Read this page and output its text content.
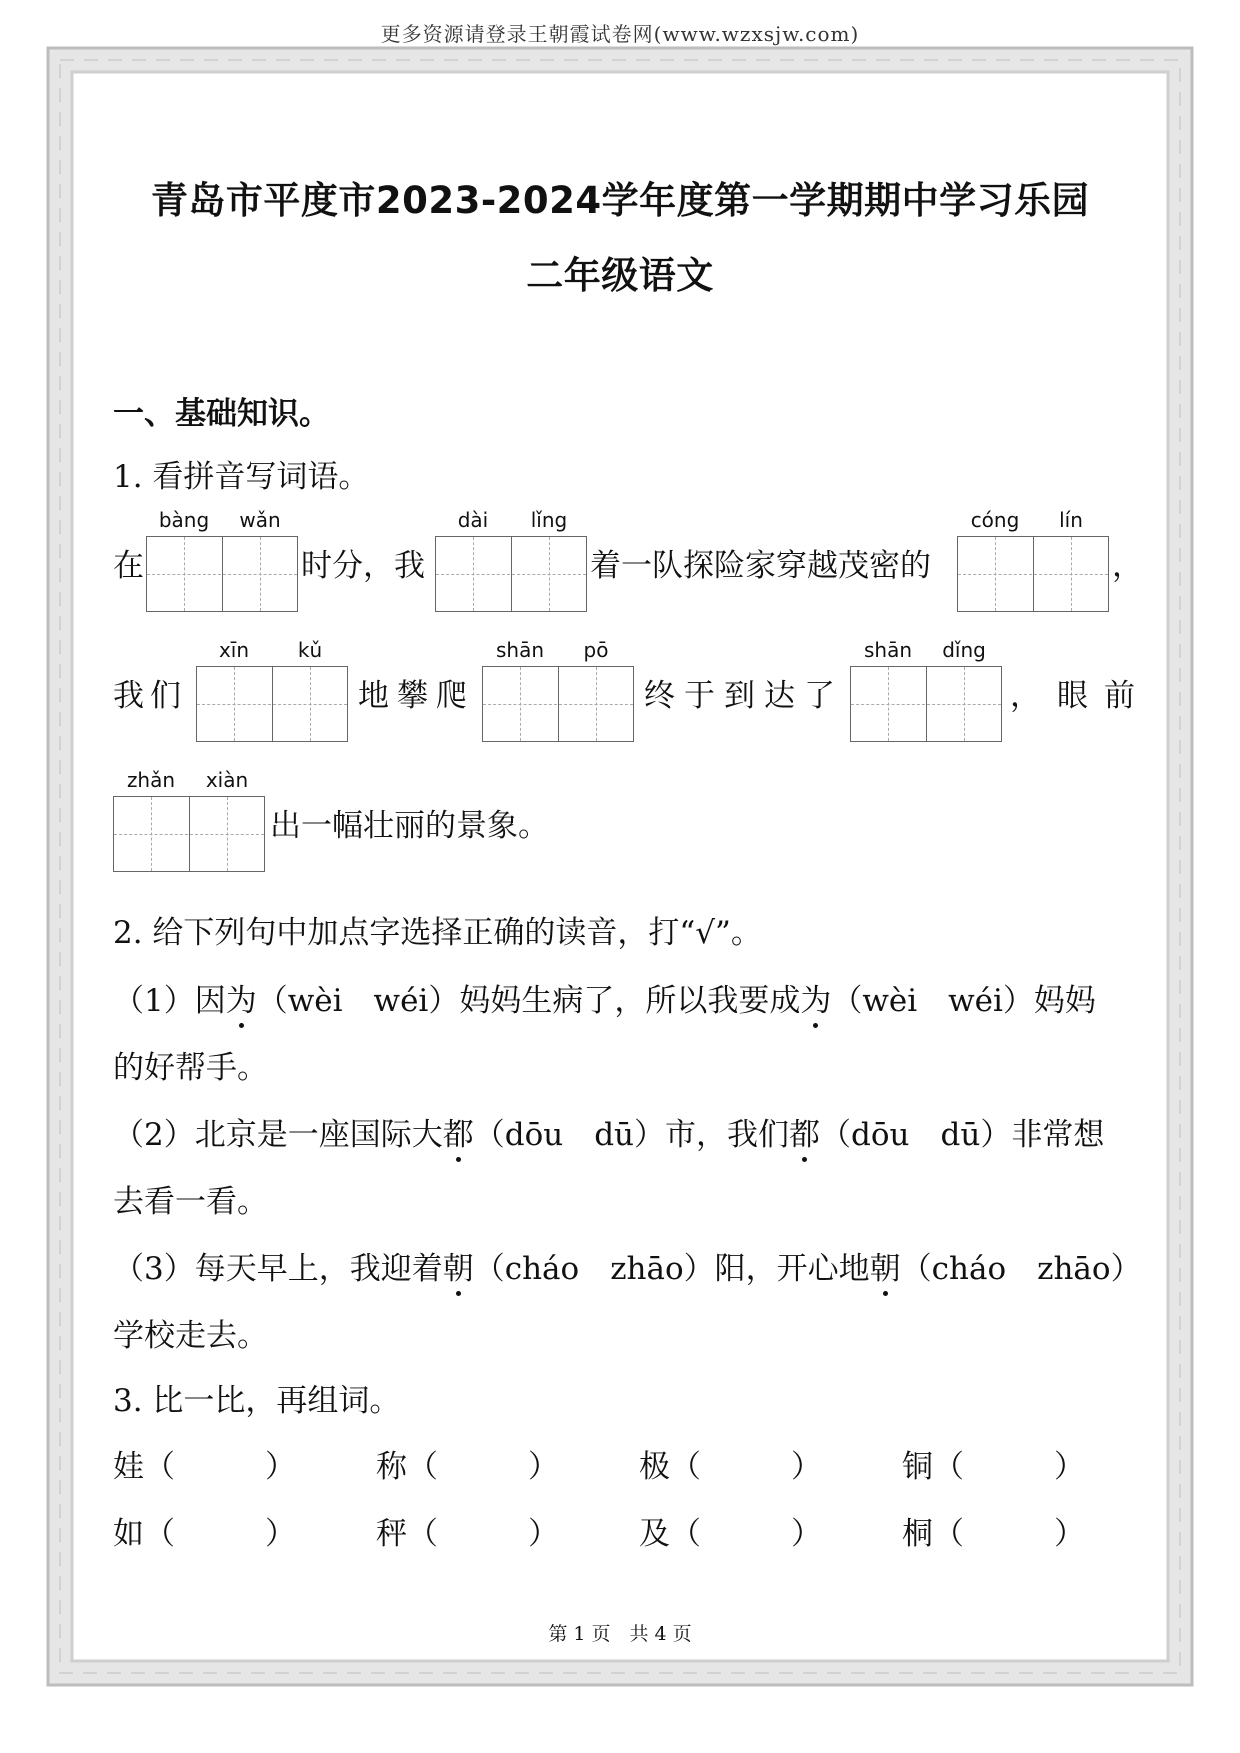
更多资源请登录王朝霞试卷网(www.wzxsjw.com)
青岛市平度市2023-2024学年度第一学期期中学习乐园
二年级语文
一、基础知识。
1. 看拼音写词语。
在
bàng	wǎn
时分，我
dài	lǐng
着一队探险家穿越茂密的
cóng	lín
，
我们
xīn	kǔ
地攀爬
shān	pō
终于到达了
shān	dǐng
，眼前
zhǎn	xiàn
出一幅壮丽的景象。
2. 给下列句中加点字选择正确的读音，打“√”。
（1）因为（wèi　wéi）妈妈生病了，所以我要成为（wèi　wéi）妈妈
的好帮手。
（2）北京是一座国际大都（dōu　dū）市，我们都（dōu　dū）非常想
去看一看。
（3）每天早上，我迎着朝（cháo　zhāo）阳，开心地朝（cháo　zhāo）
学校走去。
3. 比一比，再组词。
娃（	）	称（	）	极（	）	铜（	）
如（	）	秤（	）	及（	）	桐（	）
第 1 页　共 4 页
